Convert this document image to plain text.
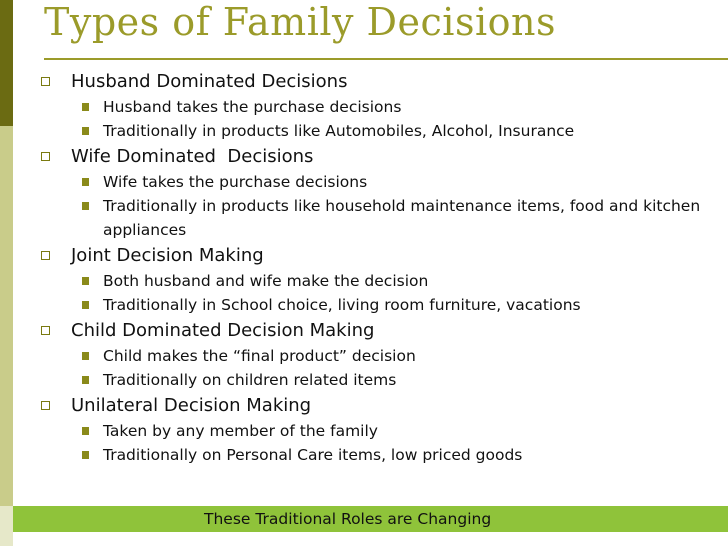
Types of Family Decisions
Husband Dominated Decisions
Husband takes the purchase decisions
Traditionally in products like Automobiles, Alcohol, Insurance
Wife Dominated  Decisions
Wife takes the purchase decisions
Traditionally in products like household maintenance items, food and kitchen appliances
Joint Decision Making
Both husband and wife make the decision
Traditionally in School choice, living room furniture, vacations
Child Dominated Decision Making
Child makes the “final product” decision
Traditionally on children related items
Unilateral Decision Making
Taken by any member of the family
Traditionally on Personal Care items, low priced goods
These Traditional Roles are Changing
